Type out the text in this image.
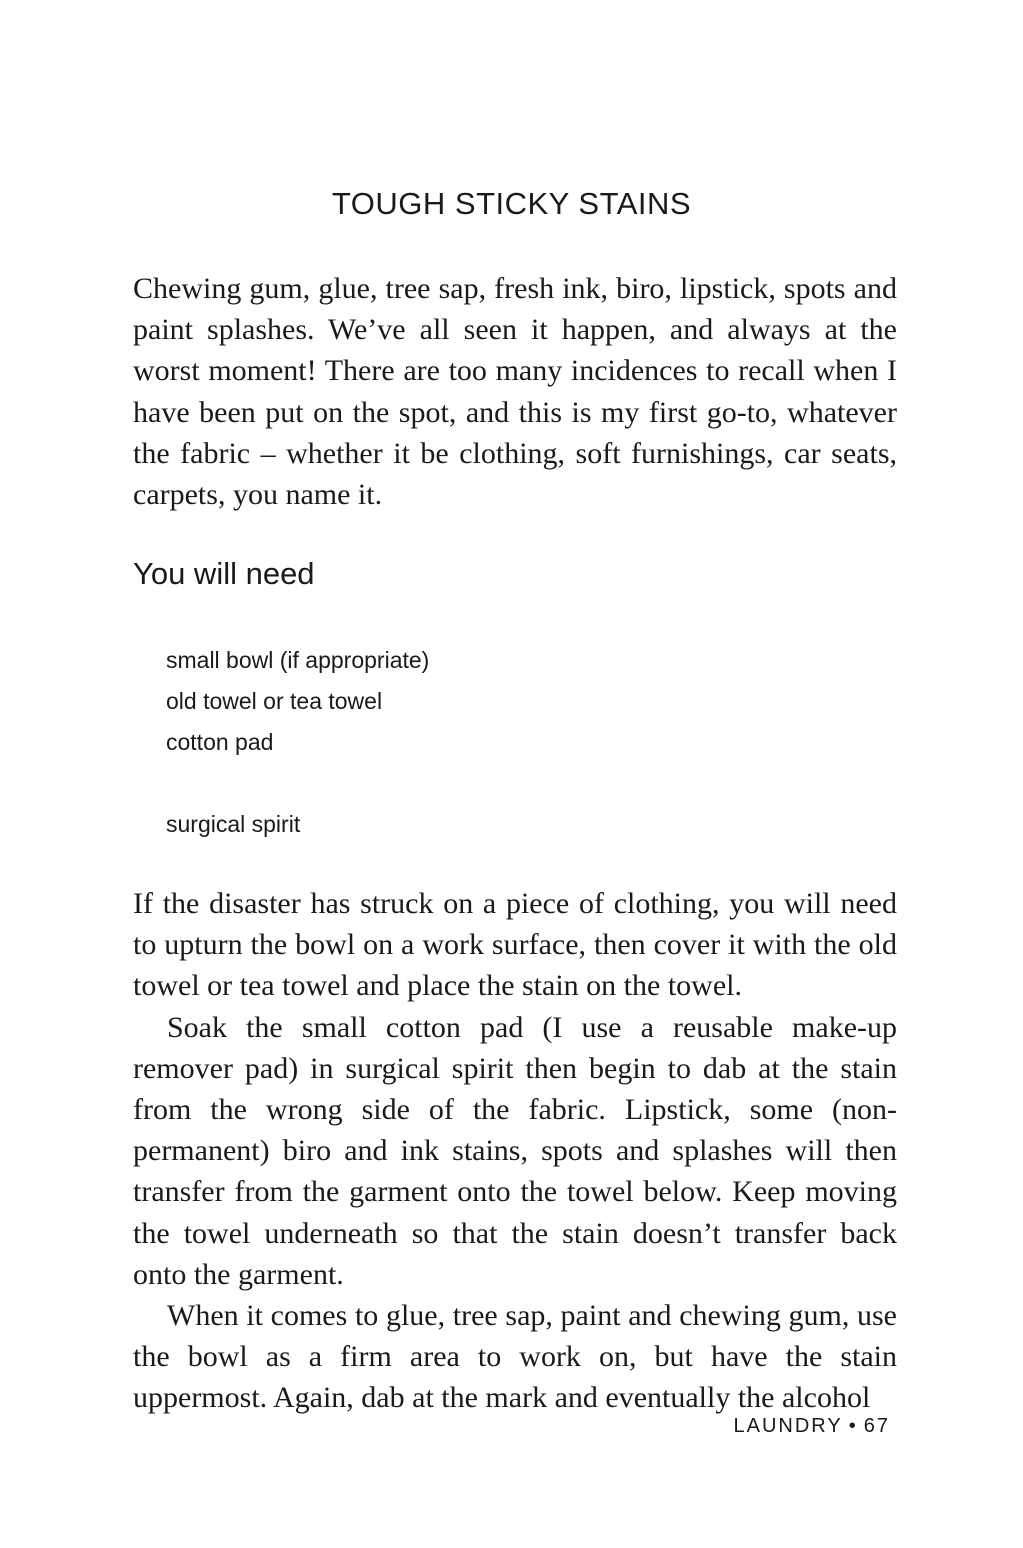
TOUGH STICKY STAINS

Chewing gum, glue, tree sap, fresh ink, biro, lipstick, spots and paint splashes. We’ve all seen it happen, and always at the worst moment! There are too many incidences to recall when I have been put on the spot, and this is my first go-to, whatever the fabric – whether it be clothing, soft furnishings, car seats, carpets, you name it.

You will need
small bowl (if appropriate)
old towel or tea towel
cotton pad
surgical spirit

If the disaster has struck on a piece of clothing, you will need to upturn the bowl on a work surface, then cover it with the old towel or tea towel and place the stain on the towel.

Soak the small cotton pad (I use a reusable make-up remover pad) in surgical spirit then begin to dab at the stain from the wrong side of the fabric. Lipstick, some (non-permanent) biro and ink stains, spots and splashes will then transfer from the garment onto the towel below. Keep moving the towel underneath so that the stain doesn’t transfer back onto the garment.

When it comes to glue, tree sap, paint and chewing gum, use the bowl as a firm area to work on, but have the stain uppermost. Again, dab at the mark and eventually the alcohol

LAUNDRY • 67
